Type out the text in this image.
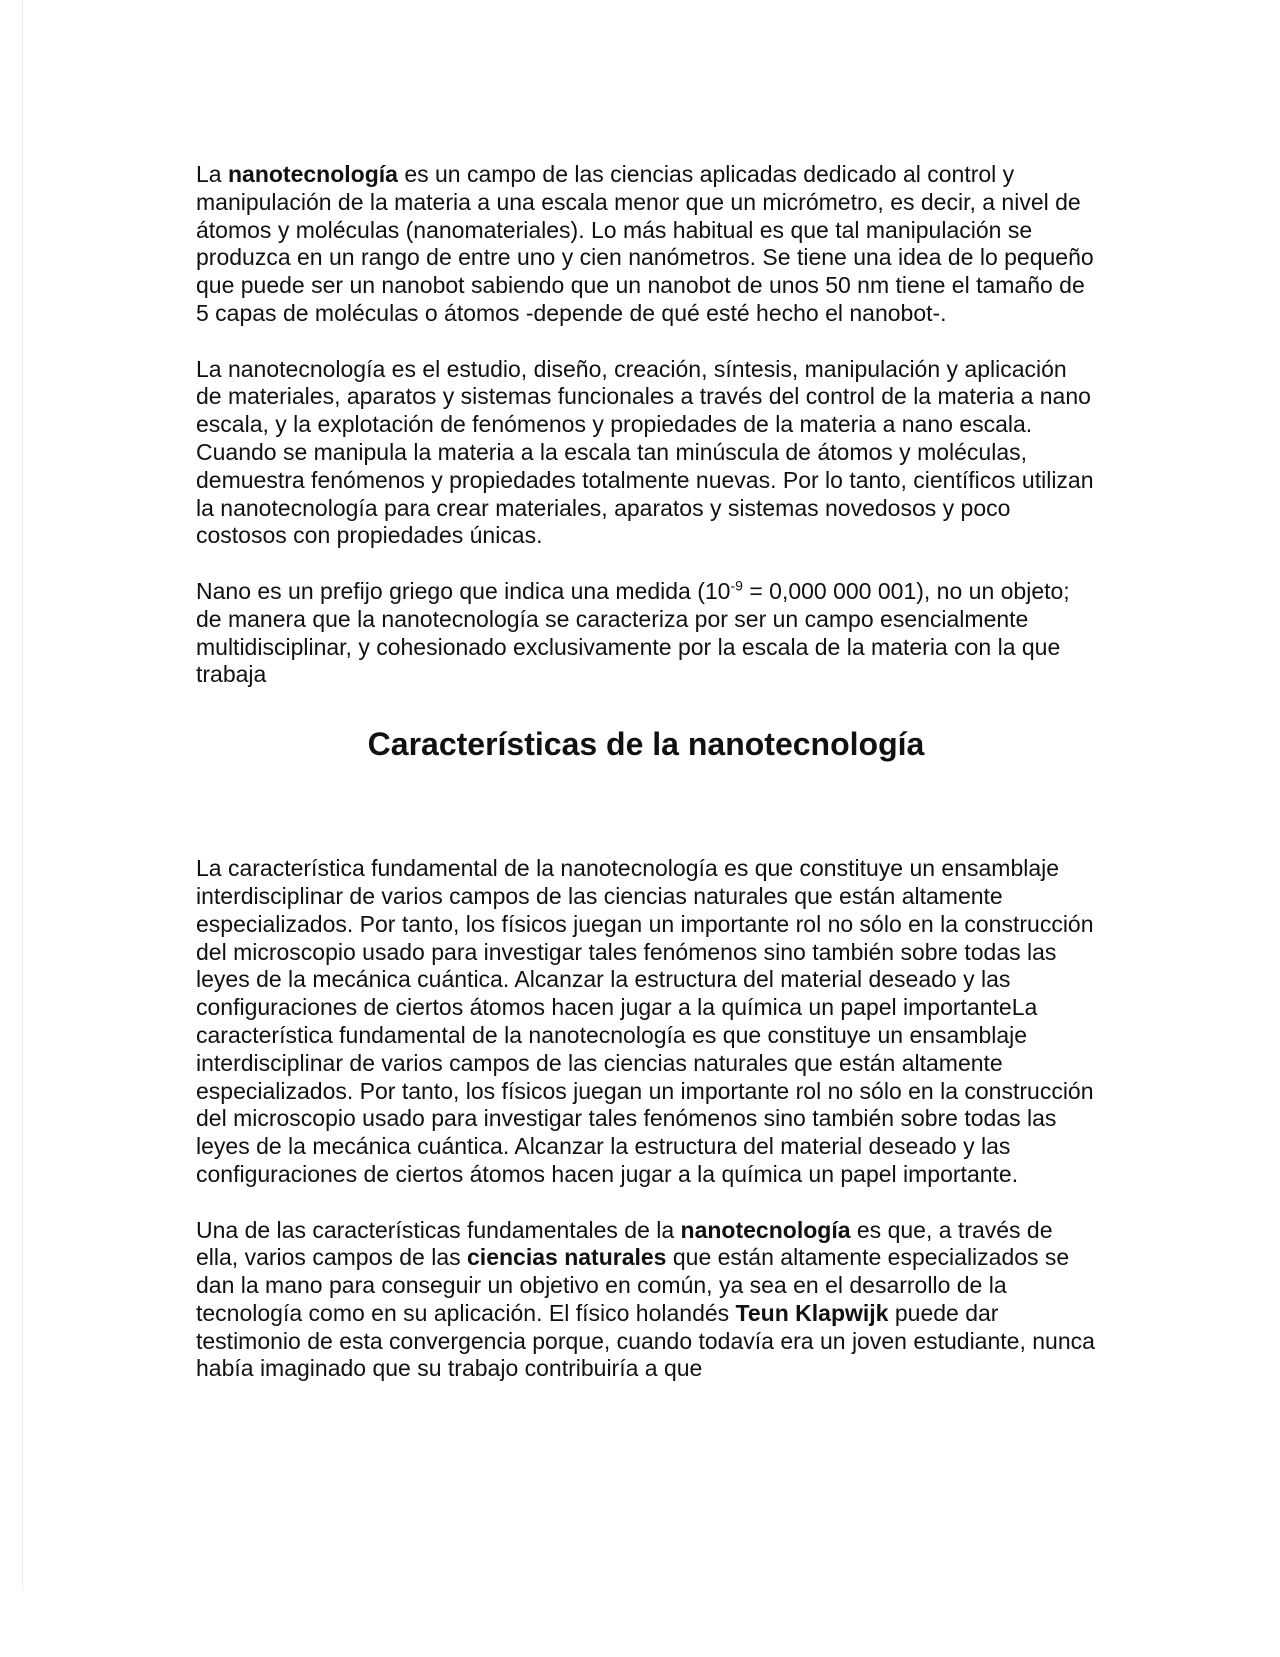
La nanotecnología es un campo de las ciencias aplicadas dedicado al control y manipulación de la materia a una escala menor que un micrómetro, es decir, a nivel de átomos y moléculas (nanomateriales). Lo más habitual es que tal manipulación se produzca en un rango de entre uno y cien nanómetros. Se tiene una idea de lo pequeño que puede ser un nanobot sabiendo que un nanobot de unos 50 nm tiene el tamaño de 5 capas de moléculas o átomos -depende de qué esté hecho el nanobot-.

La nanotecnología es el estudio, diseño, creación, síntesis, manipulación y aplicación de materiales, aparatos y sistemas funcionales a través del control de la materia a nano escala, y la explotación de fenómenos y propiedades de la materia a nano escala.

Cuando se manipula la materia a la escala tan minúscula de átomos y moléculas, demuestra fenómenos y propiedades totalmente nuevas. Por lo tanto, científicos utilizan la nanotecnología para crear materiales, aparatos y sistemas novedosos y poco costosos con propiedades únicas.

Nano es un prefijo griego que indica una medida ($10^{-9} = 0,000$ 000 001), no un objeto; de manera que la nanotecnología se caracteriza por ser un campo esencialmente multidisciplinar, y cohesionado exclusivamente por la escala de la materia con la que trabaja

Características de la nanotecnología

La característica fundamental de la nanotecnología es que constituye un ensamblaje interdisciplinar de varios campos de las ciencias naturales que están altamente especializados. Por tanto, los físicos juegan un importante rol no sólo en la construcción del microscopio usado para investigar tales fenómenos sino también sobre todas las leyes de la mecánica cuántica. Alcanzar la estructura del material deseado y las configuraciones de ciertos átomos hacen jugar a la química un papel importanteLa característica fundamental de la nanotecnología es que constituye un ensamblaje interdisciplinar de varios campos de las ciencias naturales que están altamente especializados. Por tanto, los físicos juegan un importante rol no sólo en la construcción del microscopio usado para investigar tales fenómenos sino también sobre todas las leyes de la mecánica cuántica. Alcanzar la estructura del material deseado y las configuraciones de ciertos átomos hacen jugar a la química un papel importante.

Una de las características fundamentales de la nanotecnología es que, a través de ella, varios campos de las ciencias naturales que están altamente especializados se dan la mano para conseguir un objetivo en común, ya sea en el desarrollo de la tecnología como en su aplicación. El físico holandés Teun Klapwijk puede dar testimonio de esta convergencia porque, cuando todavía era un joven estudiante, nunca había imaginado que su trabajo contribuiría a que
